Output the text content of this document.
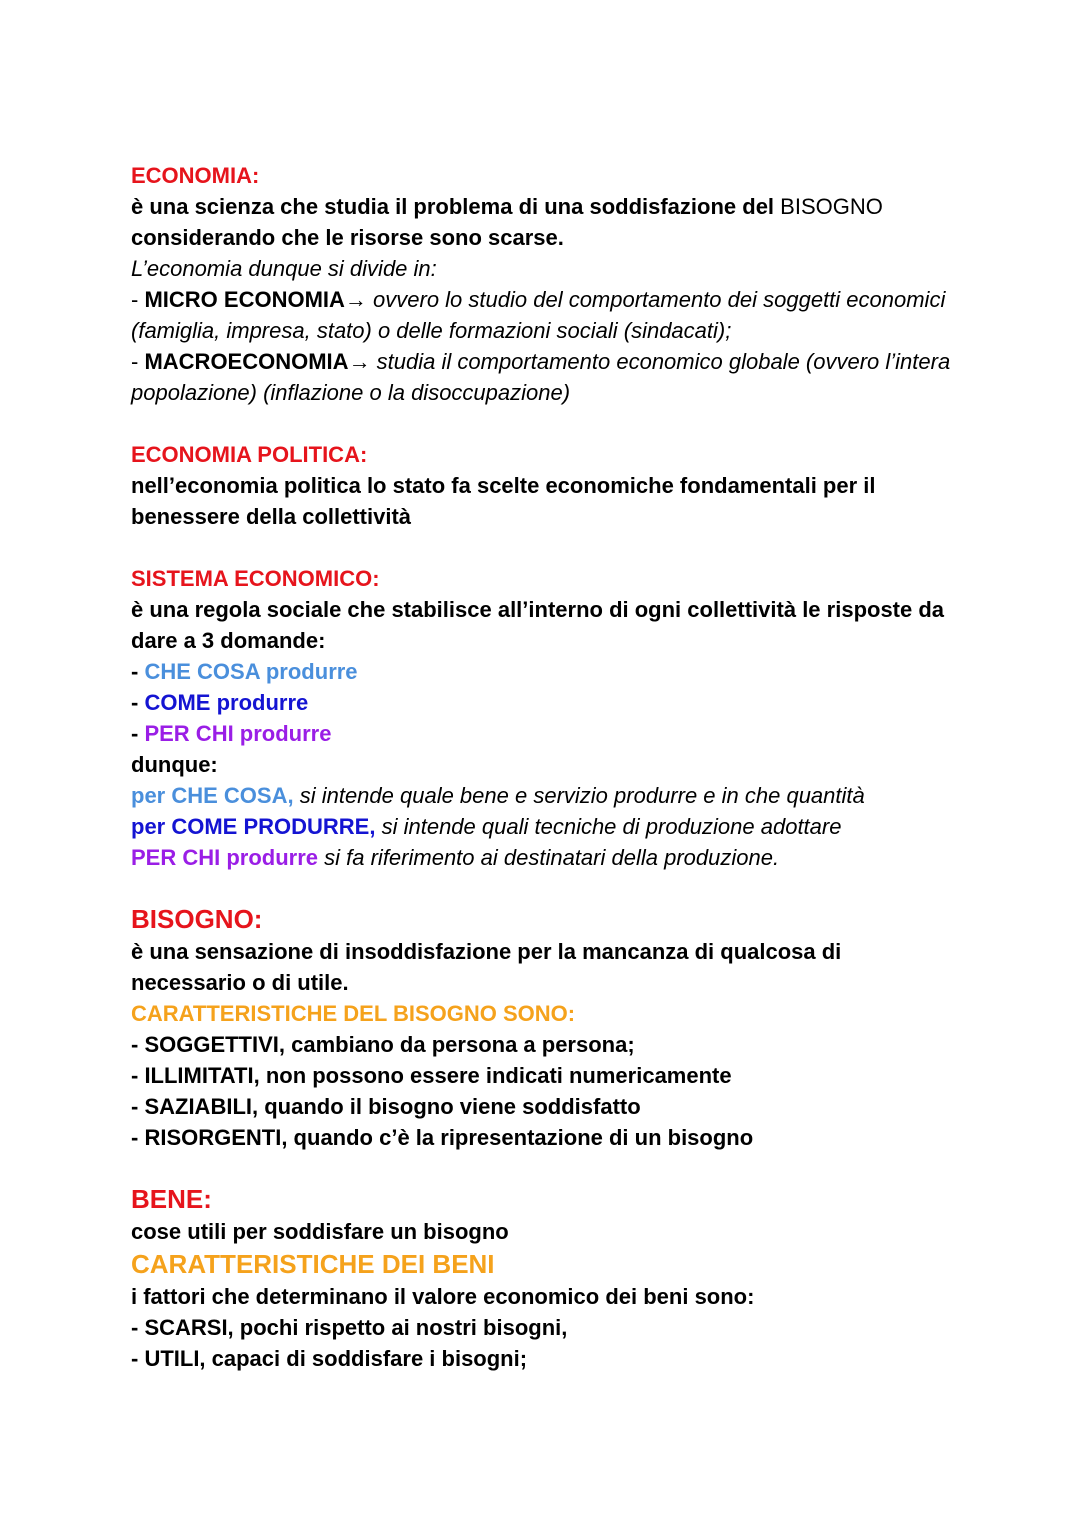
ECONOMIA:
è una scienza che studia il problema di una soddisfazione del BISOGNO
considerando che le risorse sono scarse.
L’economia dunque si divide in:
- MICRO ECONOMIA→ ovvero lo studio del comportamento dei soggetti economici (famiglia, impresa, stato) o delle formazioni sociali (sindacati);
- MACROECONOMIA→ studia il comportamento economico globale (ovvero l’intera popolazione) (inflazione o la disoccupazione)
ECONOMIA POLITICA:
nell’economia politica lo stato fa scelte economiche fondamentali per il benessere della collettività
SISTEMA ECONOMICO:
è una regola sociale che stabilisce all’interno di ogni collettività le risposte da dare a 3 domande:
- CHE COSA produrre
- COME produrre
- PER CHI produrre
dunque:
per CHE COSA, si intende quale bene e servizio produrre e in che quantità
per COME PRODURRE, si intende quali tecniche di produzione adottare
PER CHI produrre si fa riferimento ai destinatari della produzione.
BISOGNO:
è una sensazione di insoddisfazione per la mancanza di qualcosa di necessario o di utile.
CARATTERISTICHE DEL BISOGNO SONO:
- SOGGETTIVI, cambiano da persona a persona;
- ILLIMITATI, non possono essere indicati numericamente
- SAZIABILI, quando il bisogno viene soddisfatto
- RISORGENTI, quando c’è la ripresentazione di un bisogno
BENE:
cose utili per soddisfare un bisogno
CARATTERISTICHE DEI BENI
i fattori che determinano il valore economico dei beni sono:
- SCARSI, pochi rispetto ai nostri bisogni,
- UTILI, capaci di soddisfare i bisogni;
